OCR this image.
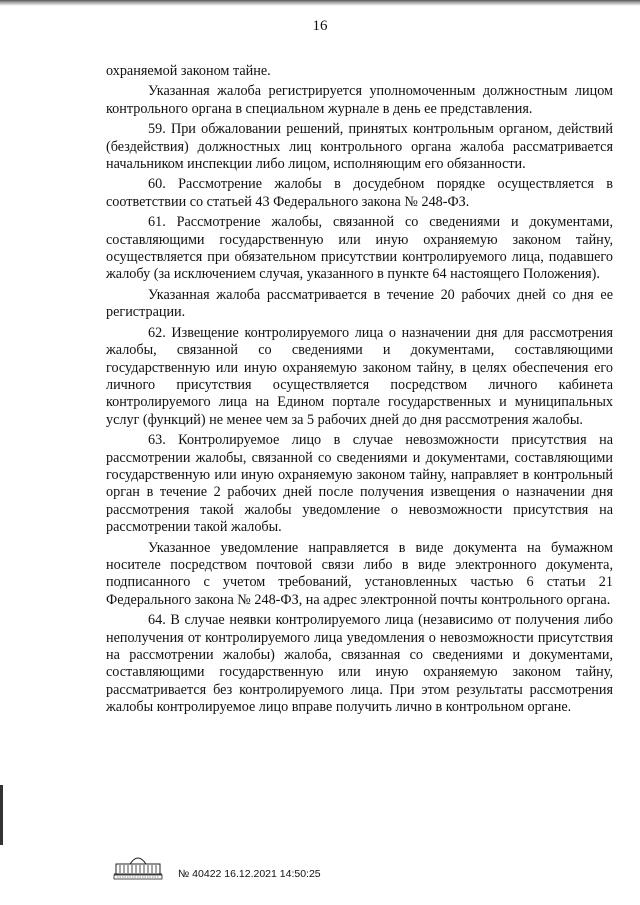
16

охраняемой законом тайне.

Указанная жалоба регистрируется уполномоченным должностным лицом контрольного органа в специальном журнале в день ее представления.

59. При обжаловании решений, принятых контрольным органом, действий (бездействия) должностных лиц контрольного органа жалоба рассматривается начальником инспекции либо лицом, исполняющим его обязанности.

60. Рассмотрение жалобы в досудебном порядке осуществляется в соответствии со статьей 43 Федерального закона № 248-ФЗ.

61. Рассмотрение жалобы, связанной со сведениями и документами, составляющими государственную или иную охраняемую законом тайну, осуществляется при обязательном присутствии контролируемого лица, подавшего жалобу (за исключением случая, указанного в пункте 64 настоящего Положения).

Указанная жалоба рассматривается в течение 20 рабочих дней со дня ее регистрации.

62. Извещение контролируемого лица о назначении дня для рассмотрения жалобы, связанной со сведениями и документами, составляющими государственную или иную охраняемую законом тайну, в целях обеспечения его личного присутствия осуществляется посредством личного кабинета контролируемого лица на Едином портале государственных и муниципальных услуг (функций) не менее чем за 5 рабочих дней до дня рассмотрения жалобы.

63. Контролируемое лицо в случае невозможности присутствия на рассмотрении жалобы, связанной со сведениями и документами, составляющими государственную или иную охраняемую законом тайну, направляет в контрольный орган в течение 2 рабочих дней после получения извещения о назначении дня рассмотрения такой жалобы уведомление о невозможности присутствия на рассмотрении такой жалобы.

Указанное уведомление направляется в виде документа на бумажном носителе посредством почтовой связи либо в виде электронного документа, подписанного с учетом требований, установленных частью 6 статьи 21 Федерального закона № 248-ФЗ, на адрес электронной почты контрольного органа.

64. В случае неявки контролируемого лица (независимо от получения либо неполучения от контролируемого лица уведомления о невозможности присутствия на рассмотрении жалобы) жалоба, связанная со сведениями и документами, составляющими государственную или иную охраняемую законом тайну, рассматривается без контролируемого лица. При этом результаты рассмотрения жалобы контролируемое лицо вправе получить лично в контрольном органе.

№ 40422 16.12.2021 14:50:25
